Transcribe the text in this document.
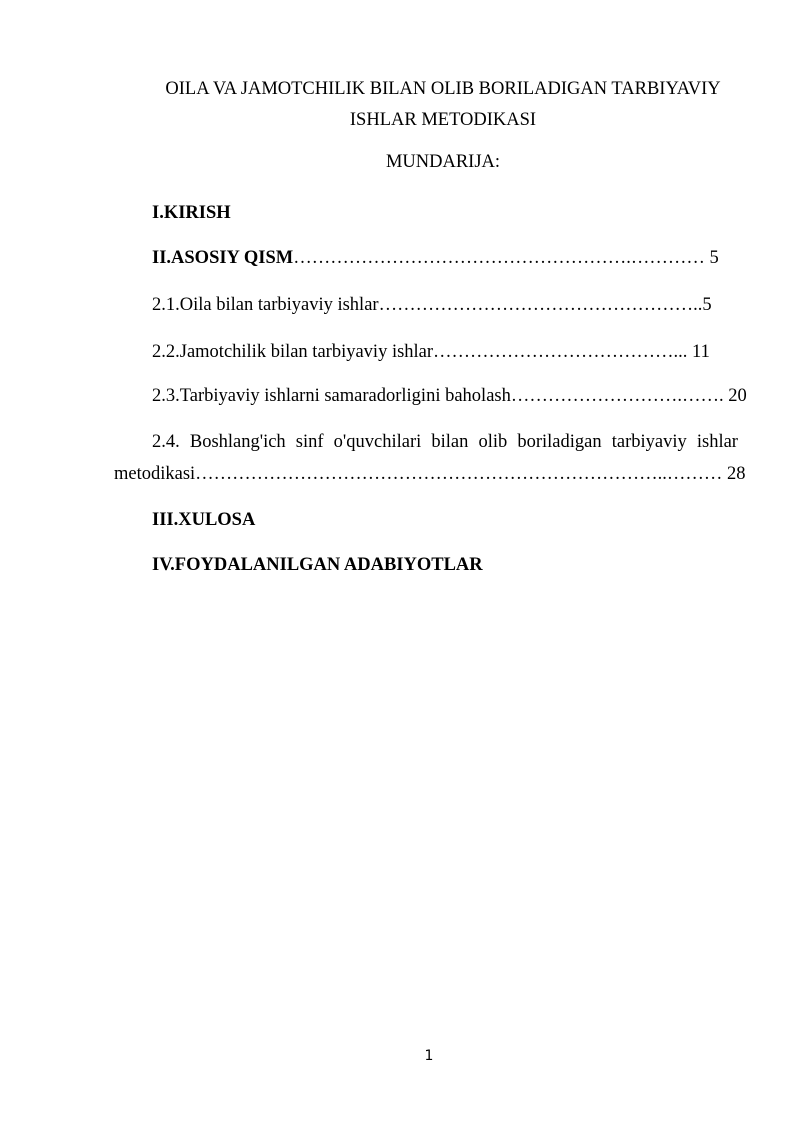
OILA VA JAMOTCHILIK BILAN OLIB BORILADIGAN TARBIYAVIY
ISHLAR METODIKASI
MUNDARIJA:
I.KIRISH
II.ASOSIY QISM……………………………………………….………… 5
2.1.Oila bilan tarbiyaviy ishlar……………………………………………..5
2.2.Jamotchilik bilan tarbiyaviy ishlar…………………………………... 11
2.3.Tarbiyaviy ishlarni samaradorligini baholash……………………….……. 20
2.4. Boshlang'ich sinf o'quvchilari bilan olib boriladigan tarbiyaviy ishlar
metodikasi…………………………………………………………………..……… 28
III.XULOSA
IV.FOYDALANILGAN ADABIYOTLAR
1
